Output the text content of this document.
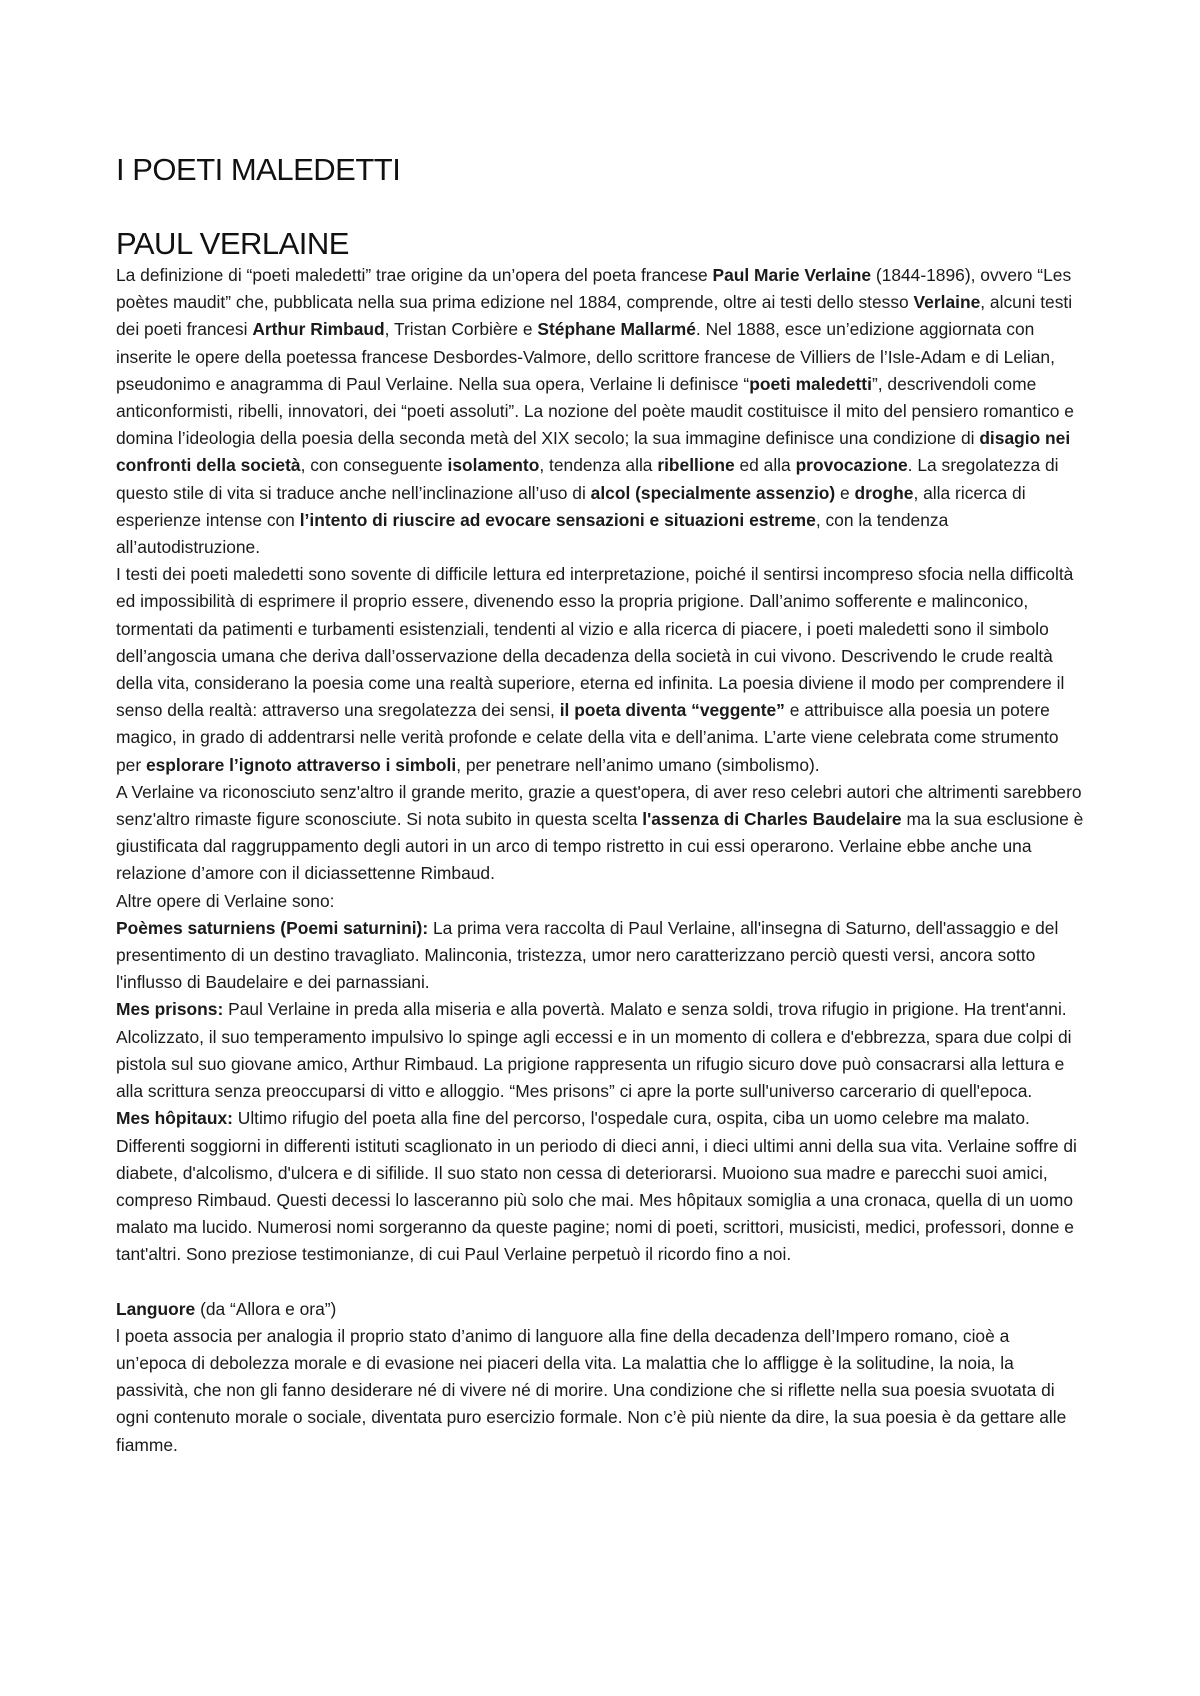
I POETI MALEDETTI
PAUL VERLAINE

La definizione di “poeti maledetti” trae origine da un’opera del poeta francese Paul Marie Verlaine (1844-1896), ovvero “Les poètes maudit” che, pubblicata nella sua prima edizione nel 1884, comprende, oltre ai testi dello stesso Verlaine, alcuni testi dei poeti francesi Arthur Rimbaud, Tristan Corbière e Stéphane Mallarmé. Nel 1888, esce un’edizione aggiornata con inserite le opere della poetessa francese Desbordes-Valmore, dello scrittore francese de Villiers de l’Isle-Adam e di Lelian, pseudonimo e anagramma di Paul Verlaine. Nella sua opera, Verlaine li definisce “poeti maledetti”, descrivendoli come anticonformisti, ribelli, innovatori, dei “poeti assoluti”. La nozione del poète maudit costituisce il mito del pensiero romantico e domina l’ideologia della poesia della seconda metà del XIX secolo; la sua immagine definisce una condizione di disagio nei confronti della società, con conseguente isolamento, tendenza alla ribellione ed alla provocazione. La sregolatezza di questo stile di vita si traduce anche nell’inclinazione all’uso di alcol (specialmente assenzio) e droghe, alla ricerca di esperienze intense con l’intento di riuscire ad evocare sensazioni e situazioni estreme, con la tendenza all’autodistruzione.

I testi dei poeti maledetti sono sovente di difficile lettura ed interpretazione, poiché il sentirsi incompreso sfocia nella difficoltà ed impossibilità di esprimere il proprio essere, divenendo esso la propria prigione. Dall’animo sofferente e malinconico, tormentati da patimenti e turbamenti esistenziali, tendenti al vizio e alla ricerca di piacere, i poeti maledetti sono il simbolo dell’angoscia umana che deriva dall’osservazione della decadenza della società in cui vivono. Descrivendo le crude realtà della vita, considerano la poesia come una realtà superiore, eterna ed infinita. La poesia diviene il modo per comprendere il senso della realtà: attraverso una sregolatezza dei sensi, il poeta diventa “veggente” e attribuisce alla poesia un potere magico, in grado di addentrarsi nelle verità profonde e celate della vita e dell’anima. L’arte viene celebrata come strumento per esplorare l’ignoto attraverso i simboli, per penetrare nell’animo umano (simbolismo).

A Verlaine va riconosciuto senz'altro il grande merito, grazie a quest'opera, di aver reso celebri autori che altrimenti sarebbero senz'altro rimaste figure sconosciute. Si nota subito in questa scelta l'assenza di Charles Baudelaire ma la sua esclusione è giustificata dal raggruppamento degli autori in un arco di tempo ristretto in cui essi operarono. Verlaine ebbe anche una relazione d’amore con il diciassettenne Rimbaud.

Altre opere di Verlaine sono:

Poèmes saturniens (Poemi saturnini): La prima vera raccolta di Paul Verlaine, all'insegna di Saturno, dell'assaggio e del presentimento di un destino travagliato. Malinconia, tristezza, umor nero caratterizzano perciò questi versi, ancora sotto l'influsso di Baudelaire e dei parnassiani.

Mes prisons: Paul Verlaine in preda alla miseria e alla povertà. Malato e senza soldi, trova rifugio in prigione. Ha trent'anni. Alcolizzato, il suo temperamento impulsivo lo spinge agli eccessi e in un momento di collera e d'ebbrezza, spara due colpi di pistola sul suo giovane amico, Arthur Rimbaud. La prigione rappresenta un rifugio sicuro dove può consacrarsi alla lettura e alla scrittura senza preoccuparsi di vitto e alloggio. “Mes prisons” ci apre la porte sull'universo carcerario di quell'epoca.

Mes hôpitaux: Ultimo rifugio del poeta alla fine del percorso, l'ospedale cura, ospita, ciba un uomo celebre ma malato. Differenti soggiorni in differenti istituti scaglionato in un periodo di dieci anni, i dieci ultimi anni della sua vita. Verlaine soffre di diabete, d'alcolismo, d'ulcera e di sifilide. Il suo stato non cessa di deteriorarsi. Muoiono sua madre e parecchi suoi amici, compreso Rimbaud. Questi decessi lo lasceranno più solo che mai. Mes hôpitaux somiglia a una cronaca, quella di un uomo malato ma lucido. Numerosi nomi sorgeranno da queste pagine; nomi di poeti, scrittori, musicisti, medici, professori, donne e tant'altri. Sono preziose testimonianze, di cui Paul Verlaine perpetuò il ricordo fino a noi.

Languore (da “Allora e ora”)

l poeta associa per analogia il proprio stato d’animo di languore alla fine della decadenza dell’Impero romano, cioè a un’epoca di debolezza morale e di evasione nei piaceri della vita. La malattia che lo affligge è la solitudine, la noia, la passività, che non gli fanno desiderare né di vivere né di morire. Una condizione che si riflette nella sua poesia svuotata di ogni contenuto morale o sociale, diventata puro esercizio formale. Non c’è più niente da dire, la sua poesia è da gettare alle fiamme.
